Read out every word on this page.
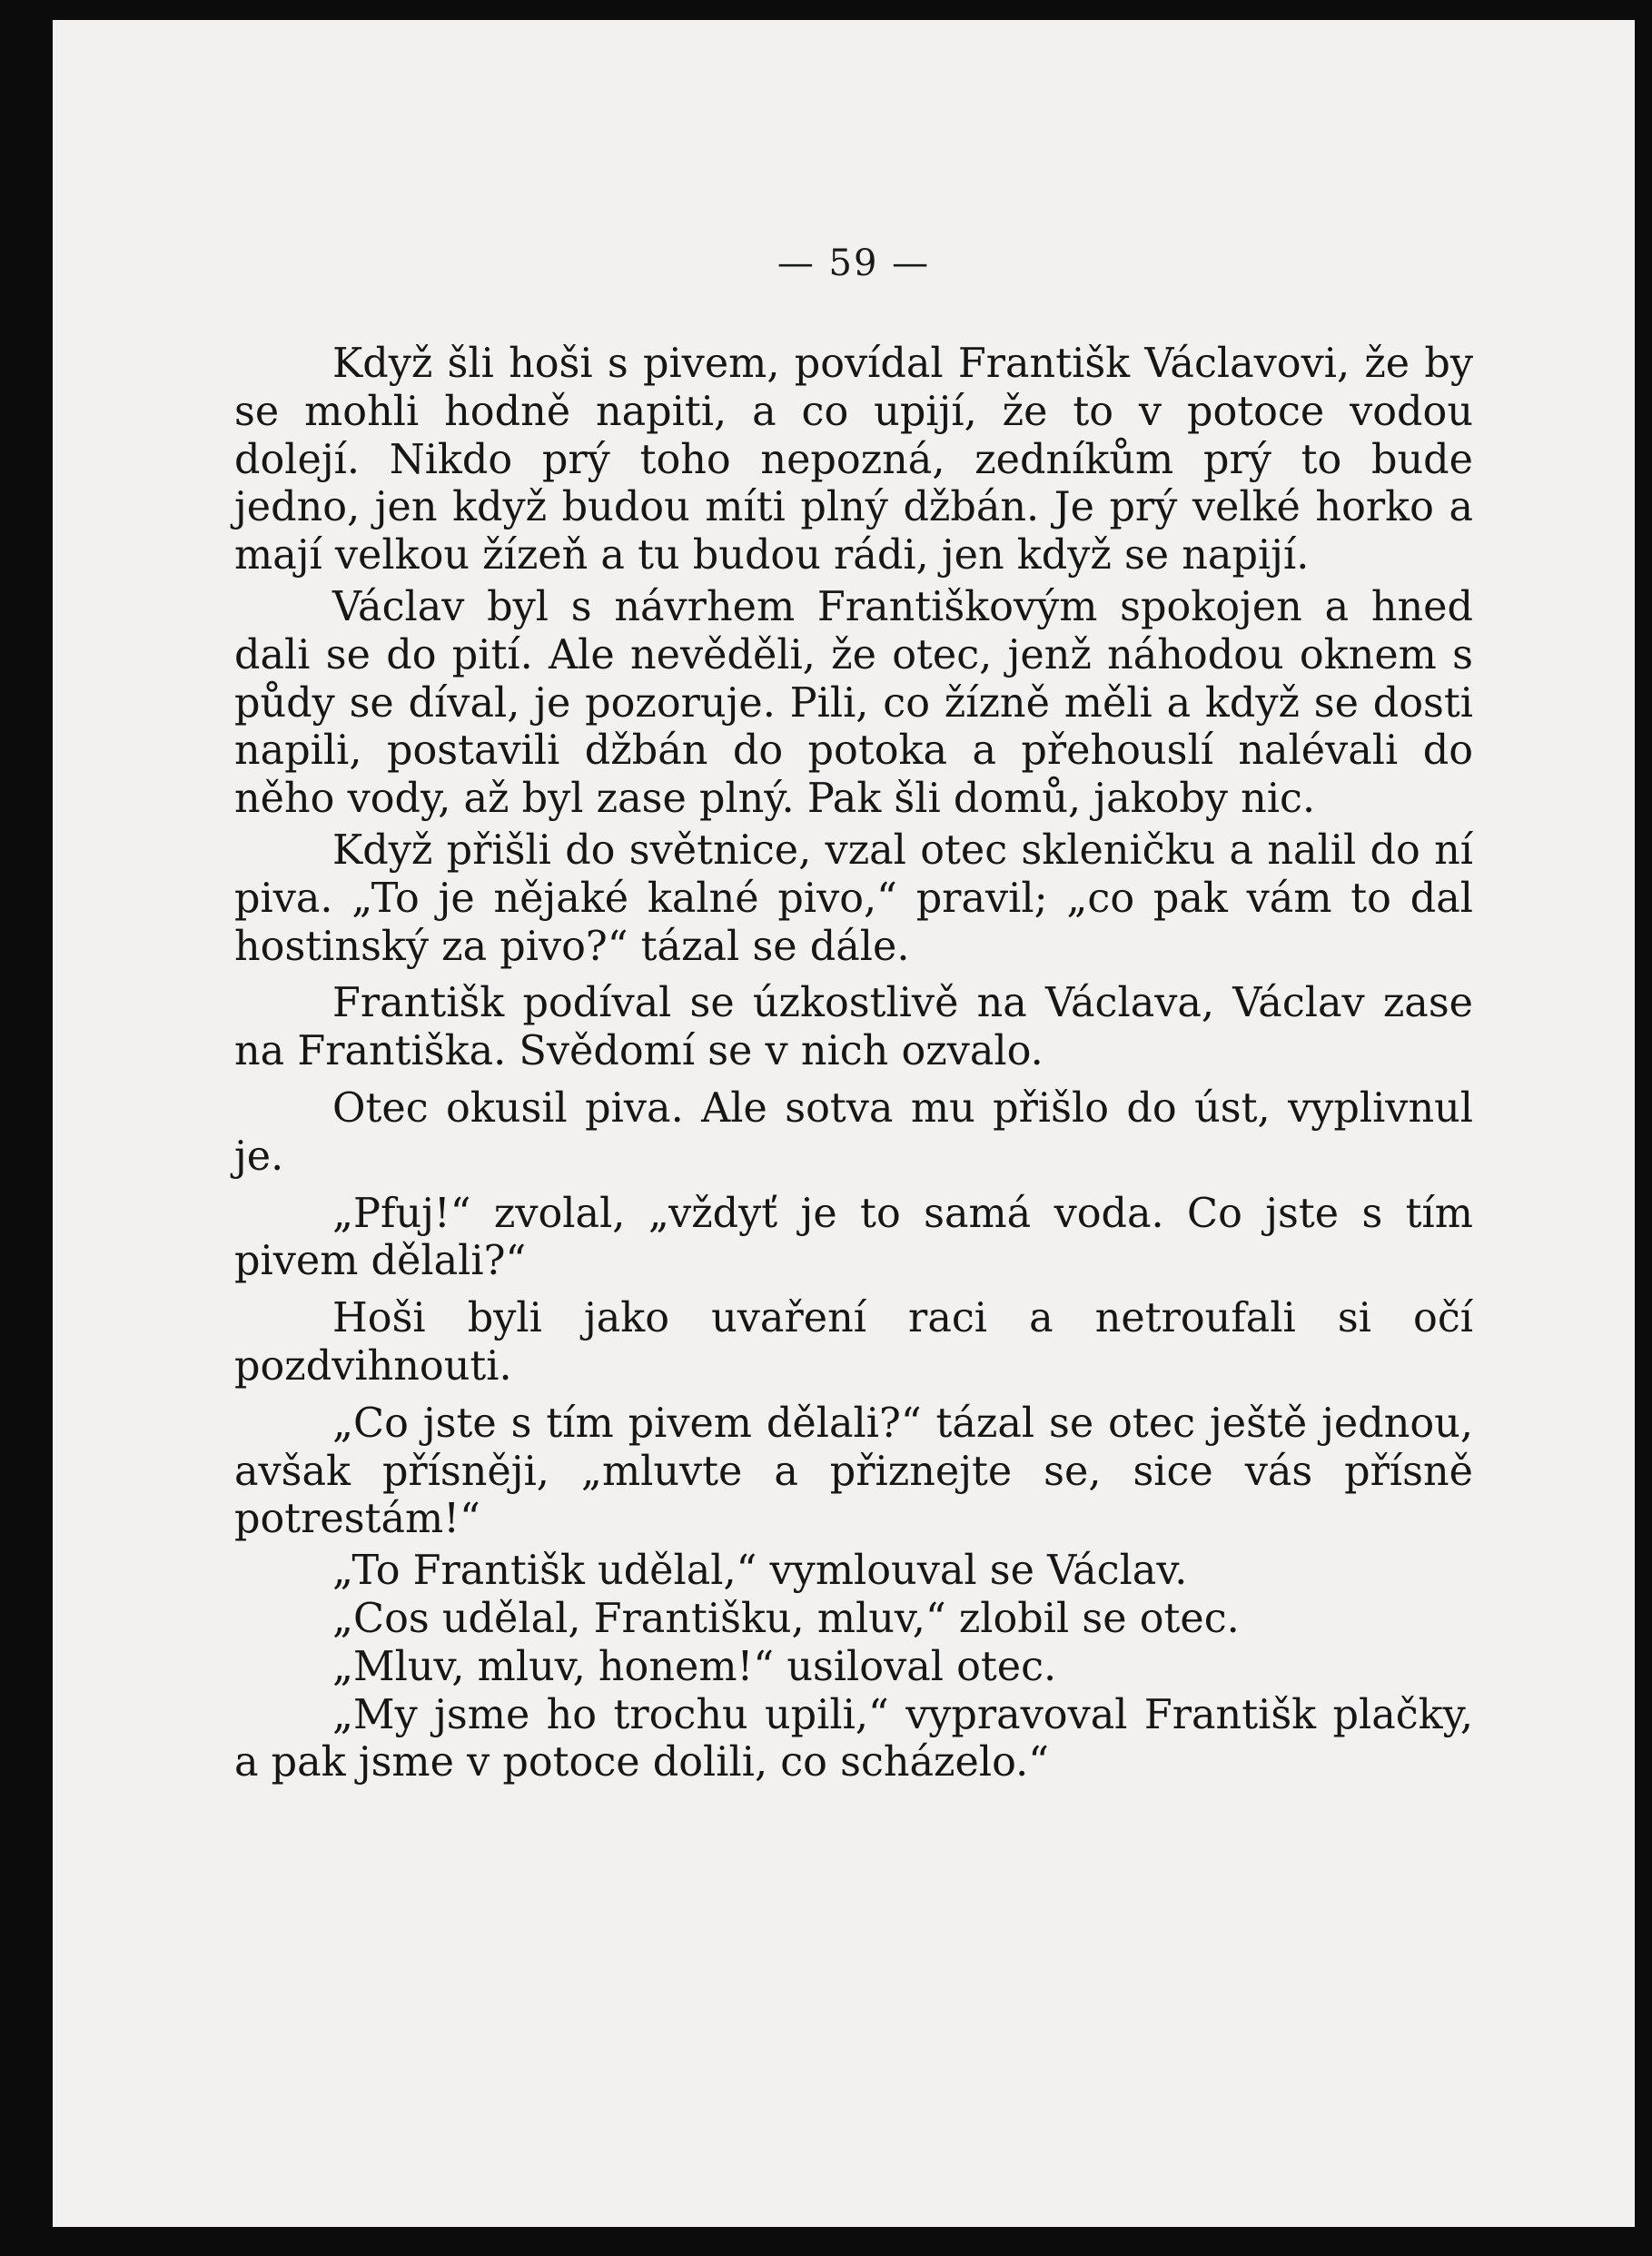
— 59 —

Když šli hoši s pivem, povídal Františk Václavovi, že by se mohli hodně napiti, a co upijí, že to v potoce vodou dolejí. Nikdo prý toho nepozná, zedníkům prý to bude jedno, jen když budou míti plný džbán. Je prý velké horko a mají velkou žízeň a tu budou rádi, jen když se napijí.

Václav byl s návrhem Františkovým spokojen a hned dali se do pití. Ale nevěděli, že otec, jenž náhodou oknem s půdy se díval, je pozoruje. Pili, co žízně měli a když se dosti napili, postavili džbán do potoka a přehouslí nalévali do něho vody, až byl zase plný. Pak šli domů, jakoby nic.

Když přišli do světnice, vzal otec skleničku a nalil do ní piva. „To je nějaké kalné pivo,“ pravil; „co pak vám to dal hostinský za pivo?“ tázal se dále.

Františk podíval se úzkostlivě na Václava, Václav zase na Františka. Svědomí se v nich ozvalo.

Otec okusil piva. Ale sotva mu přišlo do úst, vyplivnul je.

„Pfuj!“ zvolal, „vždyť je to samá voda. Co jste s tím pivem dělali?“

Hoši byli jako uvaření raci a netroufali si očí pozdvihnouti.

„Co jste s tím pivem dělali?“ tázal se otec ještě jednou, avšak přísněji, „mluvte a přiznejte se, sice vás přísně potrestám!“

„To Františk udělal,“ vymlouval se Václav.

„Cos udělal, Františku, mluv,“ zlobil se otec.

„Mluv, mluv, honem!“ usiloval otec.

„My jsme ho trochu upili,“ vypravoval Františk plačky, a pak jsme v potoce dolili, co scházelo.“
